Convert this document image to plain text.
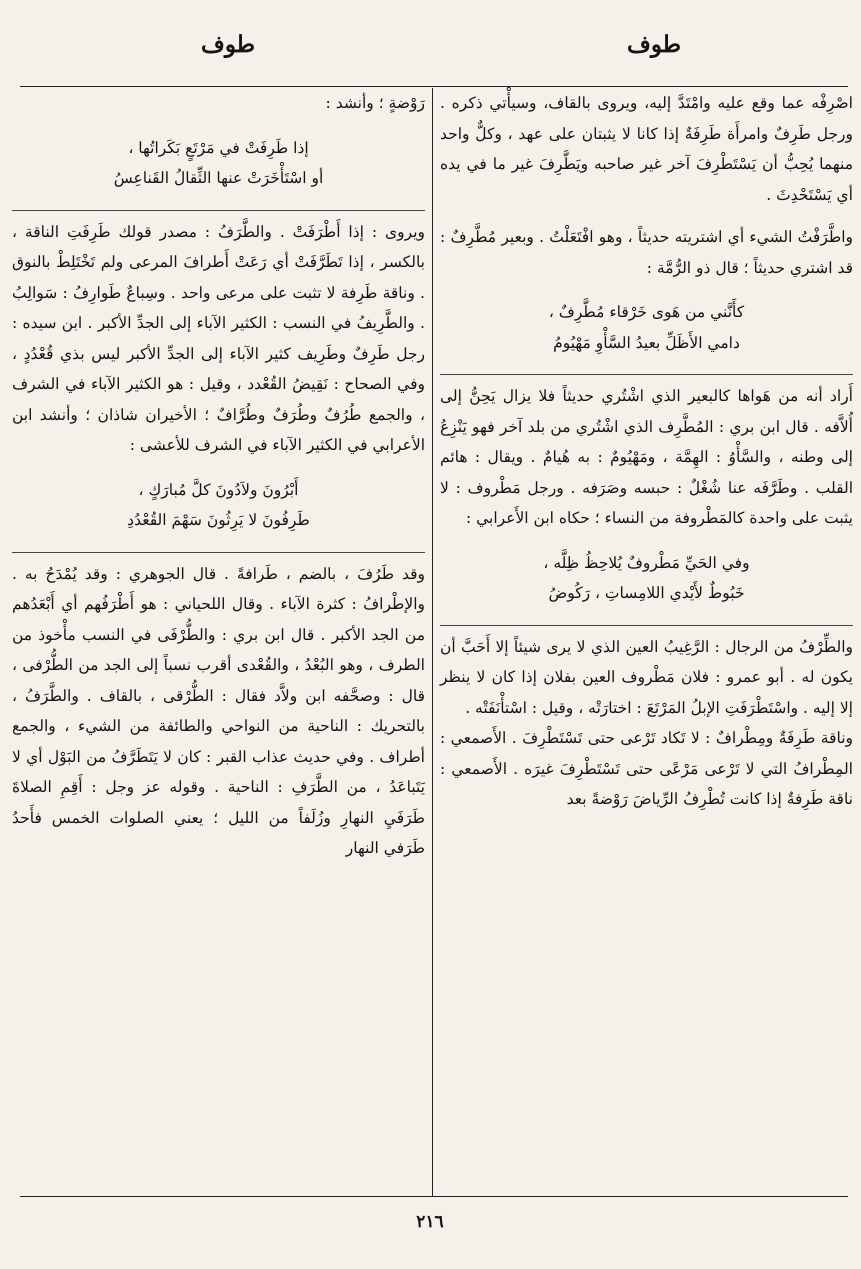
طوف
طوف

اصْرِفْه عما وقع عليه وامْتَدَّ إليه، ويروى بالقاف، وسيأْتي ذكره . ورجل طَرِفٌ وامرأَة طَرِفَةٌ إذا كانا لا يثبتان على عهد ، وكلٌّ واحد منهما يُحِبُّ أن يَسْتَطْرِفَ آخر غير صاحبه ويَطَّرِفَ غير ما في يده أي يَسْتَحْدِثَ .

واطَّرَفْتُ الشيء أي اشتريته حديثاً ، وهو افْتَعَلْتُ . وبعير مُطَّرِفٌ : قد اشتري حديثاً ؛ قال ذو الرُّمَّة :

كأَنَّني من هَوى خَرْقاء مُطَّرِفٌ ،

دامي الأَظَلِّ بعيدُ السَّأْوِ مَهْيُومُ

أَراد أنه من هَواها كالبعير الذي اشْتُري حديثاً فلا يزال يَحِنُّ إلى أُلاَّفه . قال ابن بري : المُطَّرِف الذي اشْتُري من بلد آخر فهو يَنْزِعُ إلى وطنه ، والسَّأْوُ : الهِمَّة ، ومَهْيُومٌ : به هُيامٌ . ويقال : هائم القلب . وطَرَّفَه عنا شُغْلٌ : حبسه وصَرَفه . ورجل مَطْروف : لا يثبت على واحدة كالمَطْروفة من النساء ؛ حكاه ابن الأَعرابي :

وفي الحَيِّ مَطْروفٌ يُلاحِظُ ظِلَّه ،

خَبُوطٌ لأَيْدي اللامِساتِ ، رَكُوضُ

والطِّرْفُ من الرجال : الرَّغِيبُ العين الذي لا يرى شيئاً إلا أَحَبَّ أن يكون له . أبو عمرو : فلان مَطْروف العين بفلان إذا كان لا ينظر إلا إليه . واسْتَطْرَفَتِ الإبلُ المَرْتَعَ : اختارَتْه ، وقيل : اسْتأْنَفَتْه .

وناقة طَرِفَةٌ ومِطْرافٌ : لا تَكاد تَرْعى حتى تَسْتَطْرِفَ . الأَصمعي : المِطْرافُ التي لا تَرْعى مَرْعًى حتى تَسْتَطْرِفَ غيرَه . الأَصمعي : ناقة طَرِفةٌ إذا كانت تُطْرِفُ الرِّياضَ رَوْضةً بعد

رَوْضةٍ ؛ وأنشد :

إذا طَرِفَتْ في مَرْتَعٍ بَكَراتُها ،

أو اسْتَأْخَرَتْ عنها الثِّقالُ القَناعِسُ

ويروى : إذا أَطْرَفَتْ . والطَّرَفُ : مصدر قولك طَرِفَتِ الناقة ، بالكسر ، إذا تَطَرَّفَتْ أي رَعَتْ أَطرافَ المرعى ولم تَخْتَلِطْ بالنوق . وناقة طَرِفة لا تثبت على مرعى واحد . وسِباعٌ طَوارِفُ : سَوالِبُ . والطَّرِيفُ في النسب : الكثير الآباء إلى الجدِّ الأكبر . ابن سيده : رجل طَرِفٌ وطَرِيف كثير الآباء إلى الجدِّ الأكبر ليس بذي قُعْدُدٍ ، وفي الصحاح : نَقِيضُ القُعْدد ، وقيل : هو الكثير الآباء في الشرف ، والجمع طُرُفٌ وطُرَفٌ وطُرَّافٌ ؛ الأخيران شاذان ؛ وأنشد ابن الأعرابي في الكثير الآباء في الشرف للأعشى :

أَبْرُونَ ولاَدُونَ كلَّ مُبارَكٍ ،

طَرِفُونَ لا يَرِثُونَ سَهْمَ القُعْدُدِ

وقد طَرُفَ ، بالضم ، طَرافةً . قال الجوهري : وقد يُمْدَحُ به . والإطْرافُ : كثرة الآباء . وقال اللحياني : هو أَطْرَفُهم أي أَبْعَدُهم من الجد الأكبر . قال ابن بري : والطُّرْفَى في النسب مأْخوذ من الطرف ، وهو البُعْدُ ، والقُعْدى أقرب نسباً إلى الجد من الطُّرْفى ، قال : وصحَّفه ابن ولاَّد فقال : الطُّرْقى ، بالقاف . والطَّرَفُ ، بالتحريك : الناحية من النواحي والطائفة من الشيء ، والجمع أطراف . وفي حديث عذاب القبر : كان لا يَتَطَرَّفُ من البَوْل أي لا يَتَباعَدُ ، من الطَّرَفِ : الناحية . وقوله عز وجل : أَقِمِ الصلاةَ طَرَفَيِ النهارِ وزُلَفاً من الليل ؛ يعني الصلوات الخمس فأَحدُ طَرَفي النهار

٢١٦
